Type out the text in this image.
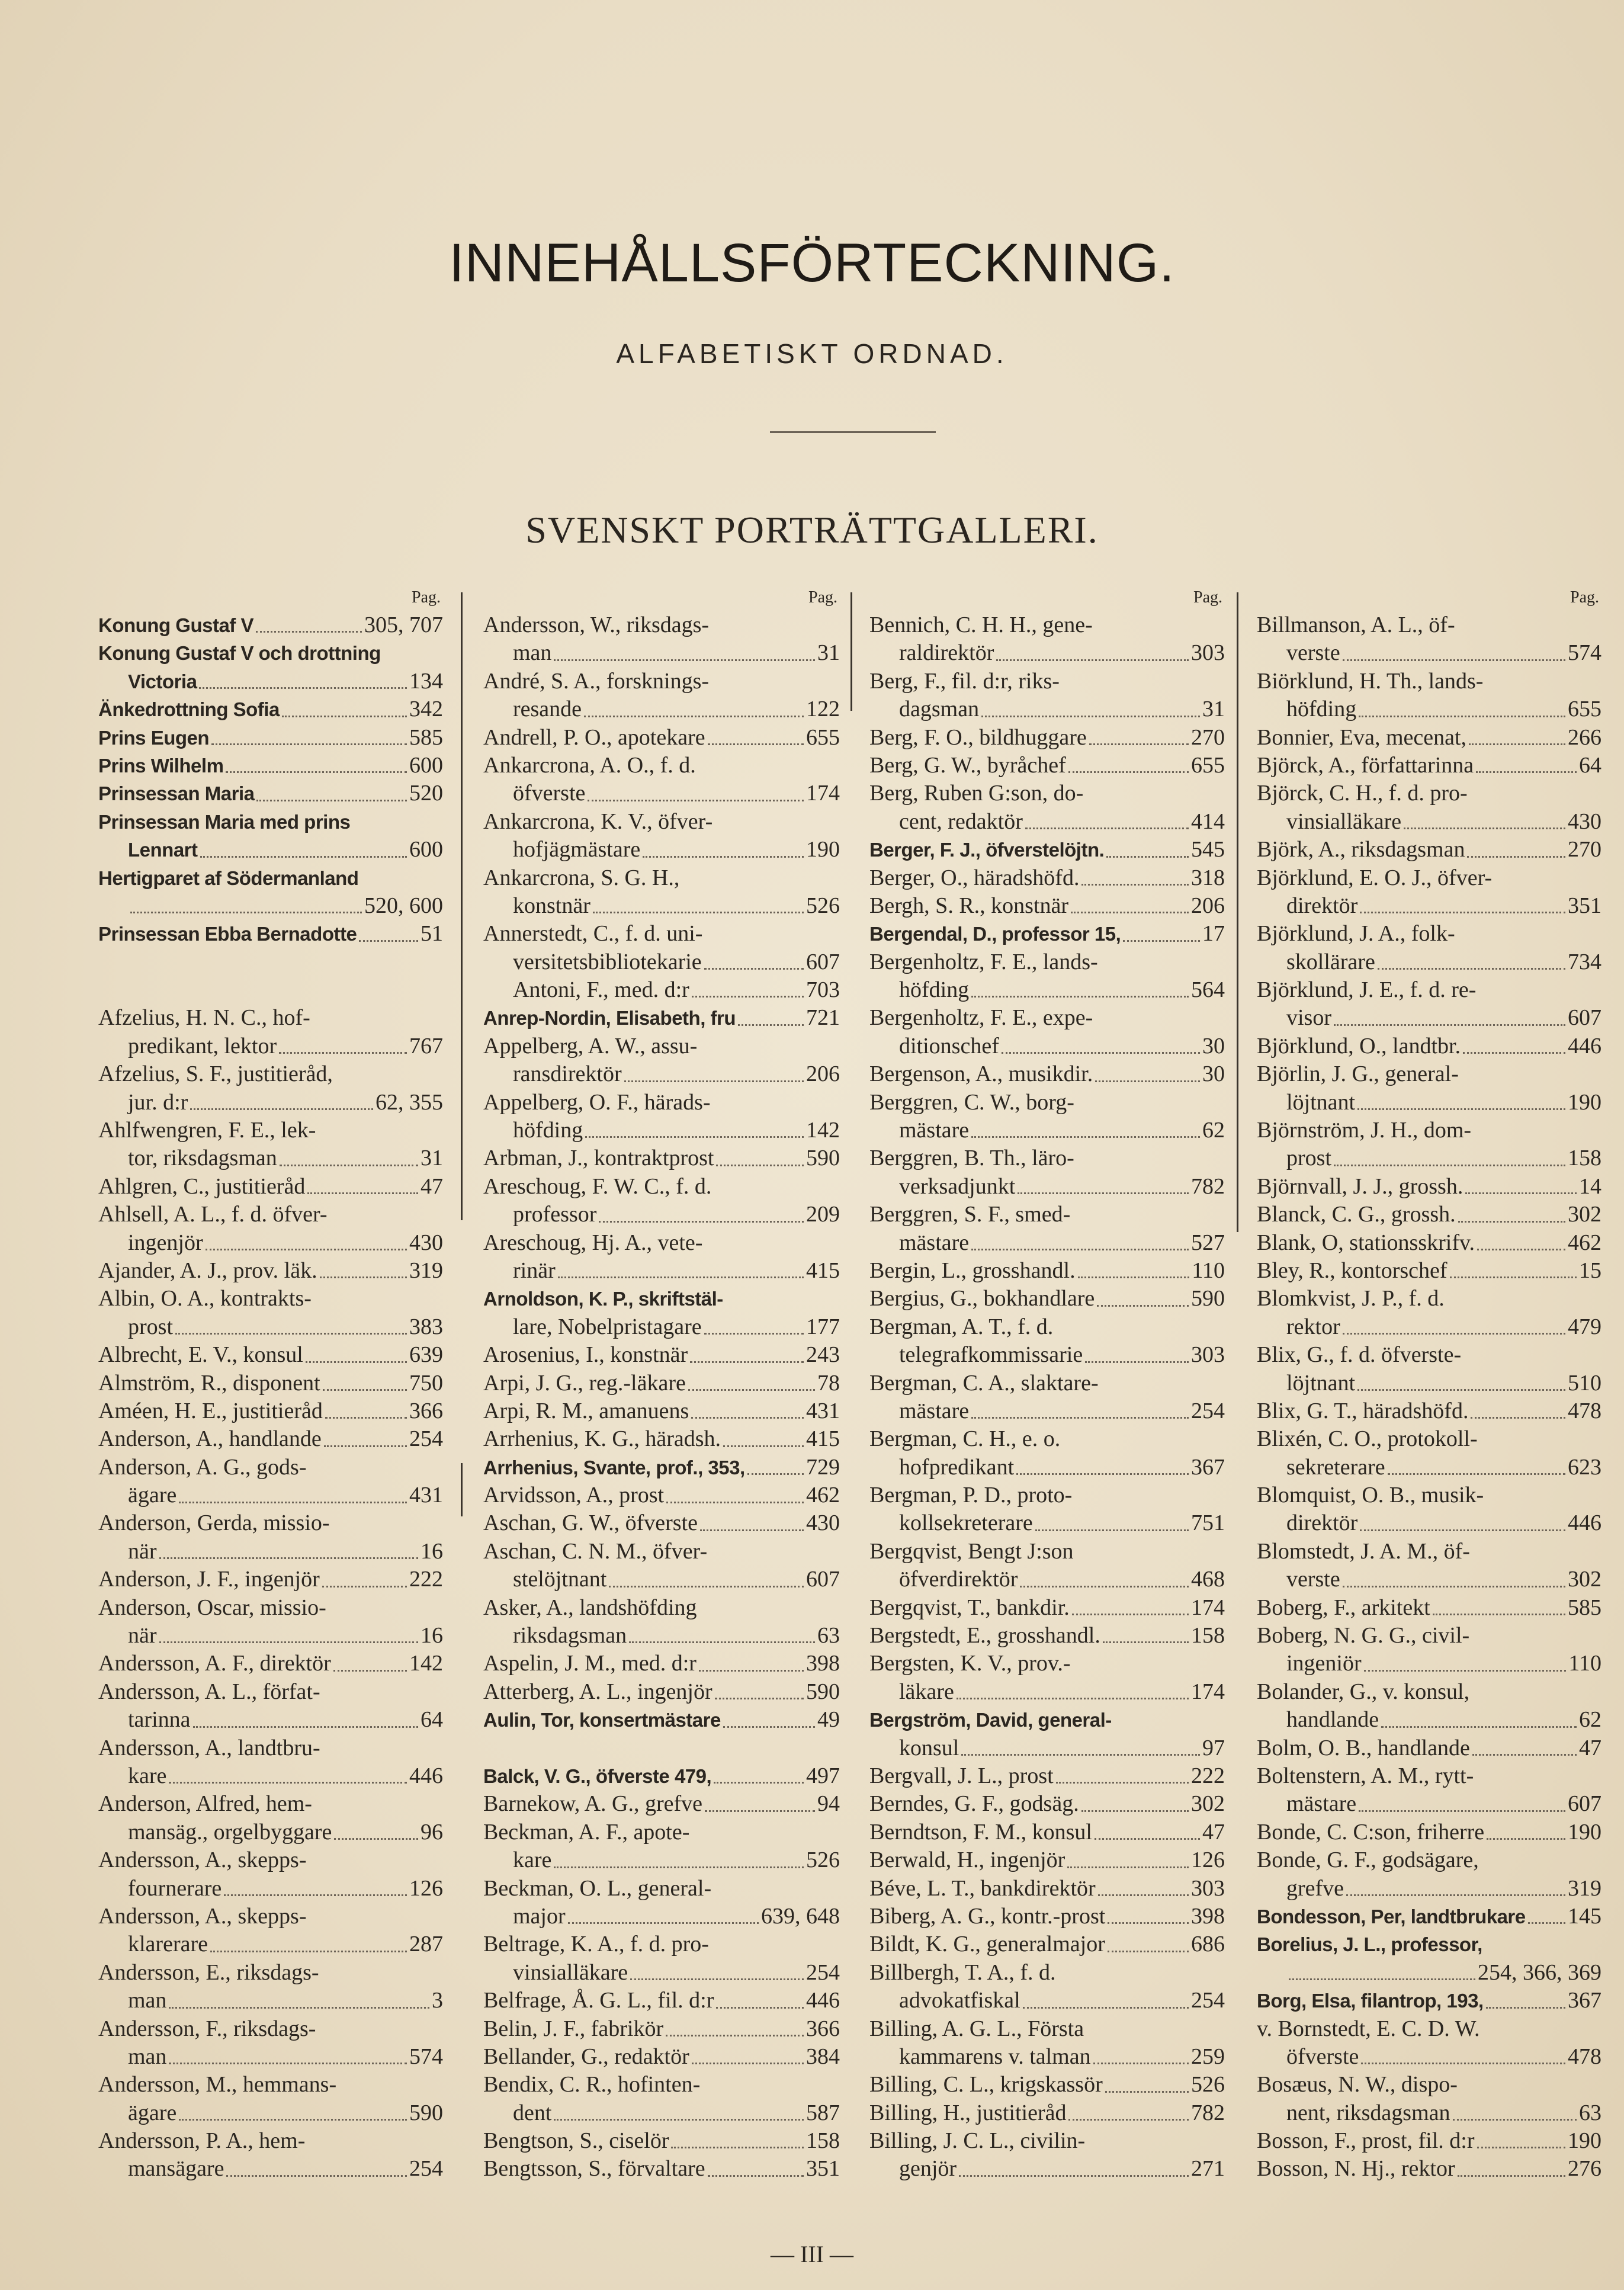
INNEHÅLLSFÖRTECKNING.
ALFABETISKT ORDNAD.
SVENSKT PORTRÄTTGALLERI.
Pag.
Konung Gustaf V	305, 707
Konung Gustaf V och drottning
Victoria	134
Änkedrottning Sofia	342
Prins Eugen	585
Prins Wilhelm	600
Prinsessan Maria	520
Prinsessan Maria med prins
Lennart	600
Hertigparet af Södermanland
520, 600
Prinsessan Ebba Bernadotte	51
Afzelius, H. N. C., hof-
predikant, lektor	767
Afzelius, S. F., justitieråd,
jur. d:r	62, 355
Ahlfwengren, F. E., lek-
tor, riksdagsman	31
Ahlgren, C., justitieråd	47
Ahlsell, A. L., f. d. öfver-
ingenjör	430
Ajander, A. J., prov. läk.	319
Albin, O. A., kontrakts-
prost	383
Albrecht, E. V., konsul	639
Almström, R., disponent	750
Améen, H. E., justitieråd	366
Anderson, A., handlande	254
Anderson, A. G., gods-
ägare	431
Anderson, Gerda, missio-
när	16
Anderson, J. F., ingenjör	222
Anderson, Oscar, missio-
när	16
Andersson, A. F., direktör	142
Andersson, A. L., förfat-
tarinna	64
Andersson, A., landtbru-
kare	446
Anderson, Alfred, hem-
mansäg., orgelbyggare	96
Andersson, A., skepps-
fournerare	126
Andersson, A., skepps-
klarerare	287
Andersson, E., riksdags-
man	3
Andersson, F., riksdags-
man	574
Andersson, M., hemmans-
ägare	590
Andersson, P. A., hem-
mansägare	254
Pag.
Andersson, W., riksdags-
man	31
André, S. A., forsknings-
resande	122
Andrell, P. O., apotekare	655
Ankarcrona, A. O., f. d.
öfverste	174
Ankarcrona, K. V., öfver-
hofjägmästare	190
Ankarcrona, S. G. H.,
konstnär	526
Annerstedt, C., f. d. uni-
versitetsbibliotekarie	607
Antoni, F., med. d:r	703
Anrep-Nordin, Elisabeth, fru	721
Appelberg, A. W., assu-
ransdirektör	206
Appelberg, O. F., härads-
höfding	142
Arbman, J., kontraktprost	590
Areschoug, F. W. C., f. d.
professor	209
Areschoug, Hj. A., vete-
rinär	415
Arnoldson, K. P., skriftstäl-
lare, Nobelpristagare	177
Arosenius, I., konstnär	243
Arpi, J. G., reg.-läkare	78
Arpi, R. M., amanuens	431
Arrhenius, K. G., häradsh.	415
Arrhenius, Svante, prof., 353,	729
Arvidsson, A., prost	462
Aschan, G. W., öfverste	430
Aschan, C. N. M., öfver-
stelöjtnant	607
Asker, A., landshöfding
riksdagsman	63
Aspelin, J. M., med. d:r	398
Atterberg, A. L., ingenjör	590
Aulin, Tor, konsertmästare	49
Balck, V. G., öfverste 479,	497
Barnekow, A. G., grefve	94
Beckman, A. F., apote-
kare	526
Beckman, O. L., general-
major	639, 648
Beltrage, K. A., f. d. pro-
vinsialläkare	254
Belfrage, Å. G. L., fil. d:r	446
Belin, J. F., fabrikör	366
Bellander, G., redaktör	384
Bendix, C. R., hofinten-
dent	587
Bengtson, S., ciselör	158
Bengtsson, S., förvaltare	351
Pag.
Bennich, C. H. H., gene-
raldirektör	303
Berg, F., fil. d:r, riks-
dagsman	31
Berg, F. O., bildhuggare	270
Berg, G. W., byråchef	655
Berg, Ruben G:son, do-
cent, redaktör	414
Berger, F. J., öfverstelöjtn.	545
Berger, O., häradshöfd.	318
Bergh, S. R., konstnär	206
Bergendal, D., professor 15,	17
Bergenholtz, F. E., lands-
höfding	564
Bergenholtz, F. E., expe-
ditionschef	30
Bergenson, A., musikdir.	30
Berggren, C. W., borg-
mästare	62
Berggren, B. Th., läro-
verksadjunkt	782
Berggren, S. F., smed-
mästare	527
Bergin, L., grosshandl.	110
Bergius, G., bokhandlare	590
Bergman, A. T., f. d.
telegrafkommissarie	303
Bergman, C. A., slaktare-
mästare	254
Bergman, C. H., e. o.
hofpredikant	367
Bergman, P. D., proto-
kollsekreterare	751
Bergqvist, Bengt J:son
öfverdirektör	468
Bergqvist, T., bankdir.	174
Bergstedt, E., grosshandl.	158
Bergsten, K. V., prov.-
läkare	174
Bergström, David, general-
konsul	97
Bergvall, J. L., prost	222
Berndes, G. F., godsäg.	302
Berndtson, F. M., konsul	47
Berwald, H., ingenjör	126
Béve, L. T., bankdirektör	303
Biberg, A. G., kontr.-prost	398
Bildt, K. G., generalmajor	686
Billbergh, T. A., f. d.
advokatfiskal	254
Billing, A. G. L., Första
kammarens v. talman	259
Billing, C. L., krigskassör	526
Billing, H., justitieråd	782
Billing, J. C. L., civilin-
genjör	271
Pag.
Billmanson, A. L., öf-
verste	574
Biörklund, H. Th., lands-
höfding	655
Bonnier, Eva, mecenat,	266
Björck, A., författarinna	64
Björck, C. H., f. d. pro-
vinsialläkare	430
Björk, A., riksdagsman	270
Björklund, E. O. J., öfver-
direktör	351
Björklund, J. A., folk-
skollärare	734
Björklund, J. E., f. d. re-
visor	607
Björklund, O., landtbr.	446
Björlin, J. G., general-
löjtnant	190
Björnström, J. H., dom-
prost	158
Björnvall, J. J., grossh.	14
Blanck, C. G., grossh.	302
Blank, O, stationsskrifv.	462
Bley, R., kontorschef	15
Blomkvist, J. P., f. d.
rektor	479
Blix, G., f. d. öfverste-
löjtnant	510
Blix, G. T., häradshöfd.	478
Blixén, C. O., protokoll-
sekreterare	623
Blomquist, O. B., musik-
direktör	446
Blomstedt, J. A. M., öf-
verste	302
Boberg, F., arkitekt	585
Boberg, N. G. G., civil-
ingeniör	110
Bolander, G., v. konsul,
handlande	62
Bolm, O. B., handlande	47
Boltenstern, A. M., rytt-
mästare	607
Bonde, C. C:son, friherre	190
Bonde, G. F., godsägare,
grefve	319
Bondesson, Per, landtbrukare 145
Borelius, J. L., professor,
254, 366, 369
Borg, Elsa, filantrop, 193,	367
v. Bornstedt, E. C. D. W.
öfverste	478
Bosæus, N. W., dispo-
nent, riksdagsman	63
Bosson, F., prost, fil. d:r	190
Bosson, N. Hj., rektor	276
— III —
